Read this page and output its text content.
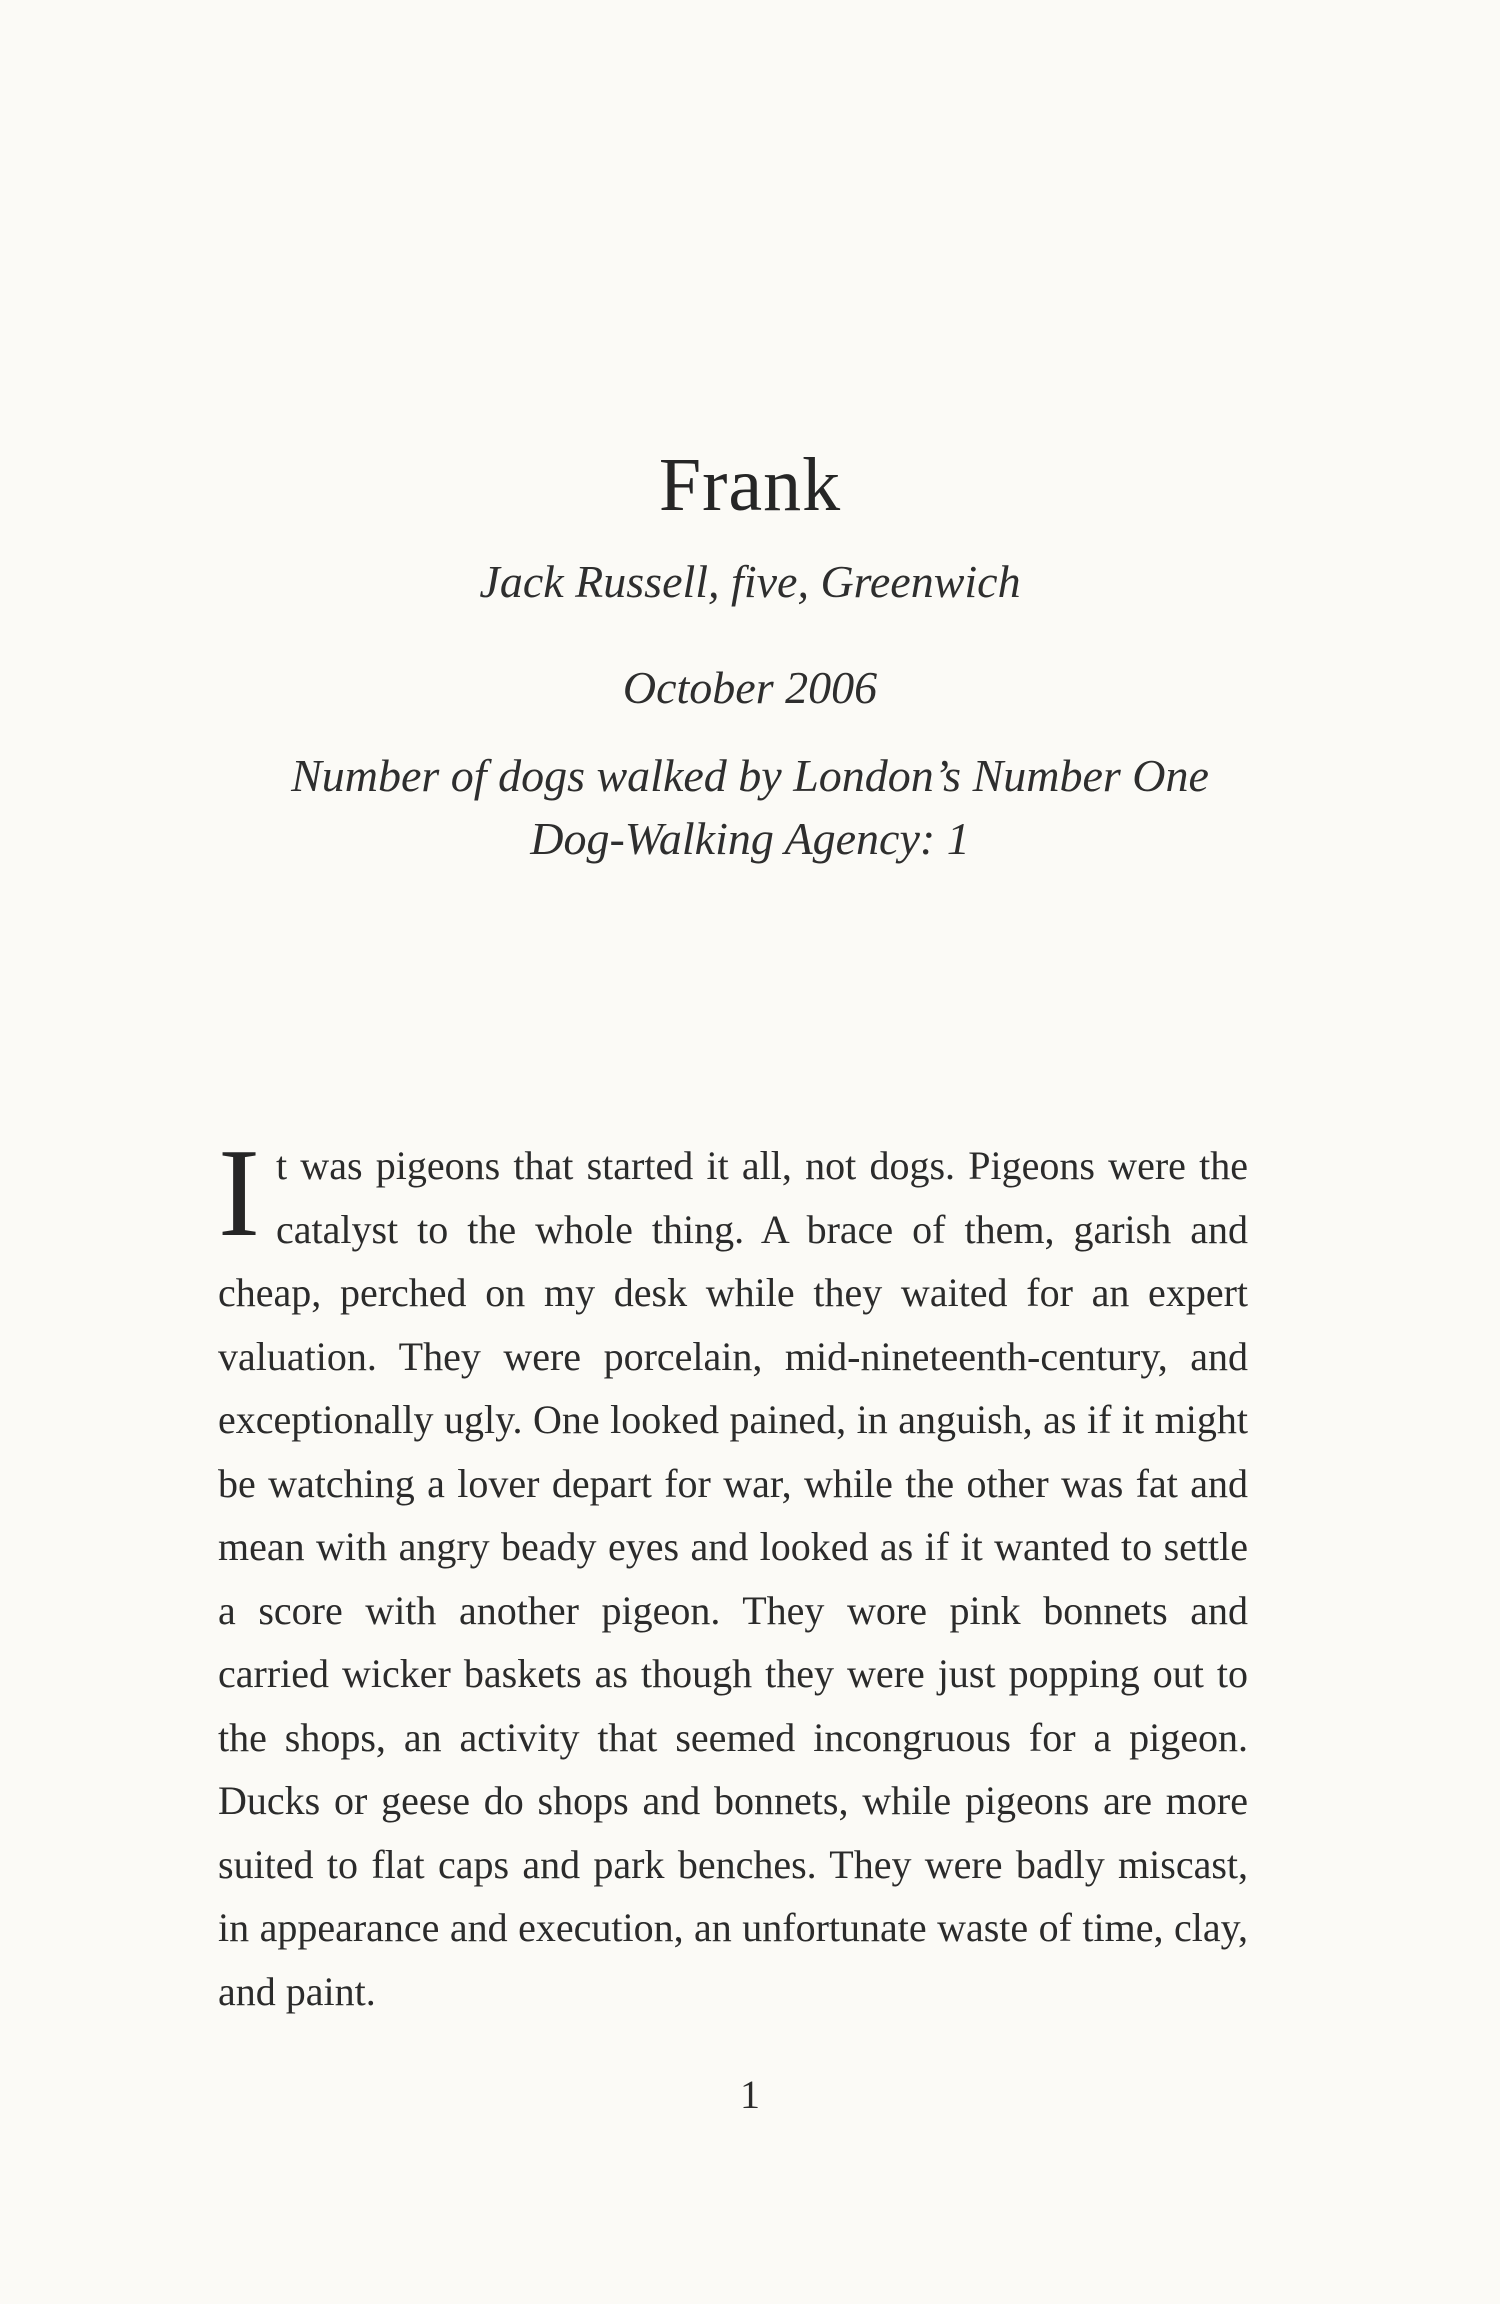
Frank
Jack Russell, five, Greenwich
October 2006
Number of dogs walked by London’s Number One Dog-Walking Agency: 1
It was pigeons that started it all, not dogs. Pigeons were the catalyst to the whole thing. A brace of them, garish and cheap, perched on my desk while they waited for an expert valuation. They were porcelain, mid-nineteenth-century, and exceptionally ugly. One looked pained, in anguish, as if it might be watching a lover depart for war, while the other was fat and mean with angry beady eyes and looked as if it wanted to settle a score with another pigeon. They wore pink bonnets and carried wicker baskets as though they were just popping out to the shops, an activity that seemed incongruous for a pigeon. Ducks or geese do shops and bonnets, while pigeons are more suited to flat caps and park benches. They were badly miscast, in appearance and execution, an unfortunate waste of time, clay, and paint.
1
